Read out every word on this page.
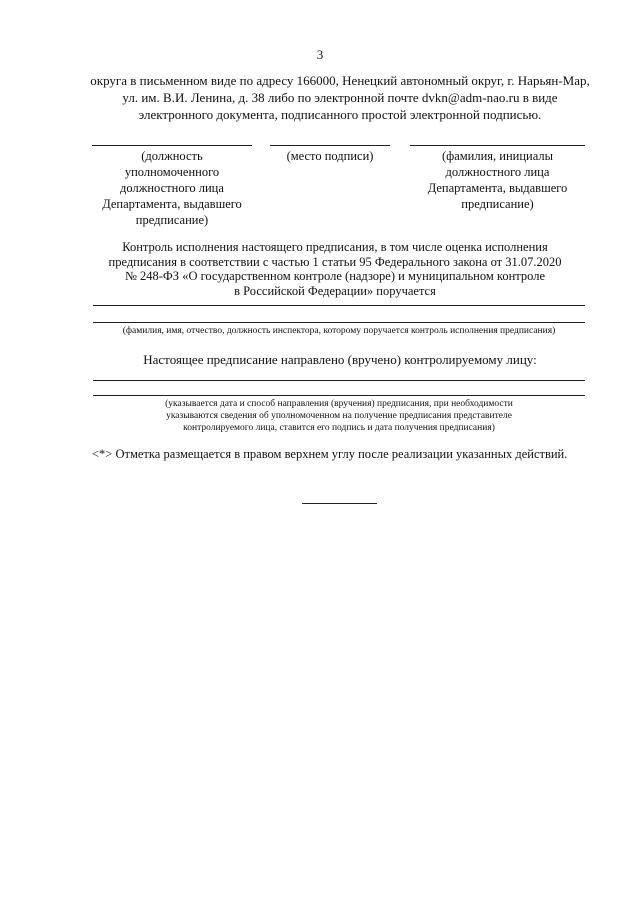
3
округа в письменном виде по адресу 166000, Ненецкий автономный округ, г. Нарьян-Мар,
ул. им. В.И. Ленина, д. 38 либо по электронной почте dvkn@adm-nao.ru в виде
электронного документа, подписанного простой электронной подписью.
(должность
уполномоченного
должностного лица
Департамента, выдавшего
предписание)
(место подписи)	(фамилия, инициалы
должностного лица
Департамента, выдавшего
предписание)
Контроль исполнения настоящего предписания, в том числе оценка исполнения
предписания в соответствии с частью 1 статьи 95 Федерального закона от 31.07.2020
№ 248-ФЗ «О государственном контроле (надзоре) и муниципальном контроле
в Российской Федерации» поручается
(фамилия, имя, отчество, должность инспектора, которому поручается контроль исполнения предписания)
Настоящее предписание направлено (вручено) контролируемому лицу:
(указывается дата и способ направления (вручения) предписания, при необходимости
указываются сведения об уполномоченном на получение предписания представителе
контролируемого лица, ставится его подпись и дата получения предписания)
<*> Отметка размещается в правом верхнем углу после реализации указанных действий.
